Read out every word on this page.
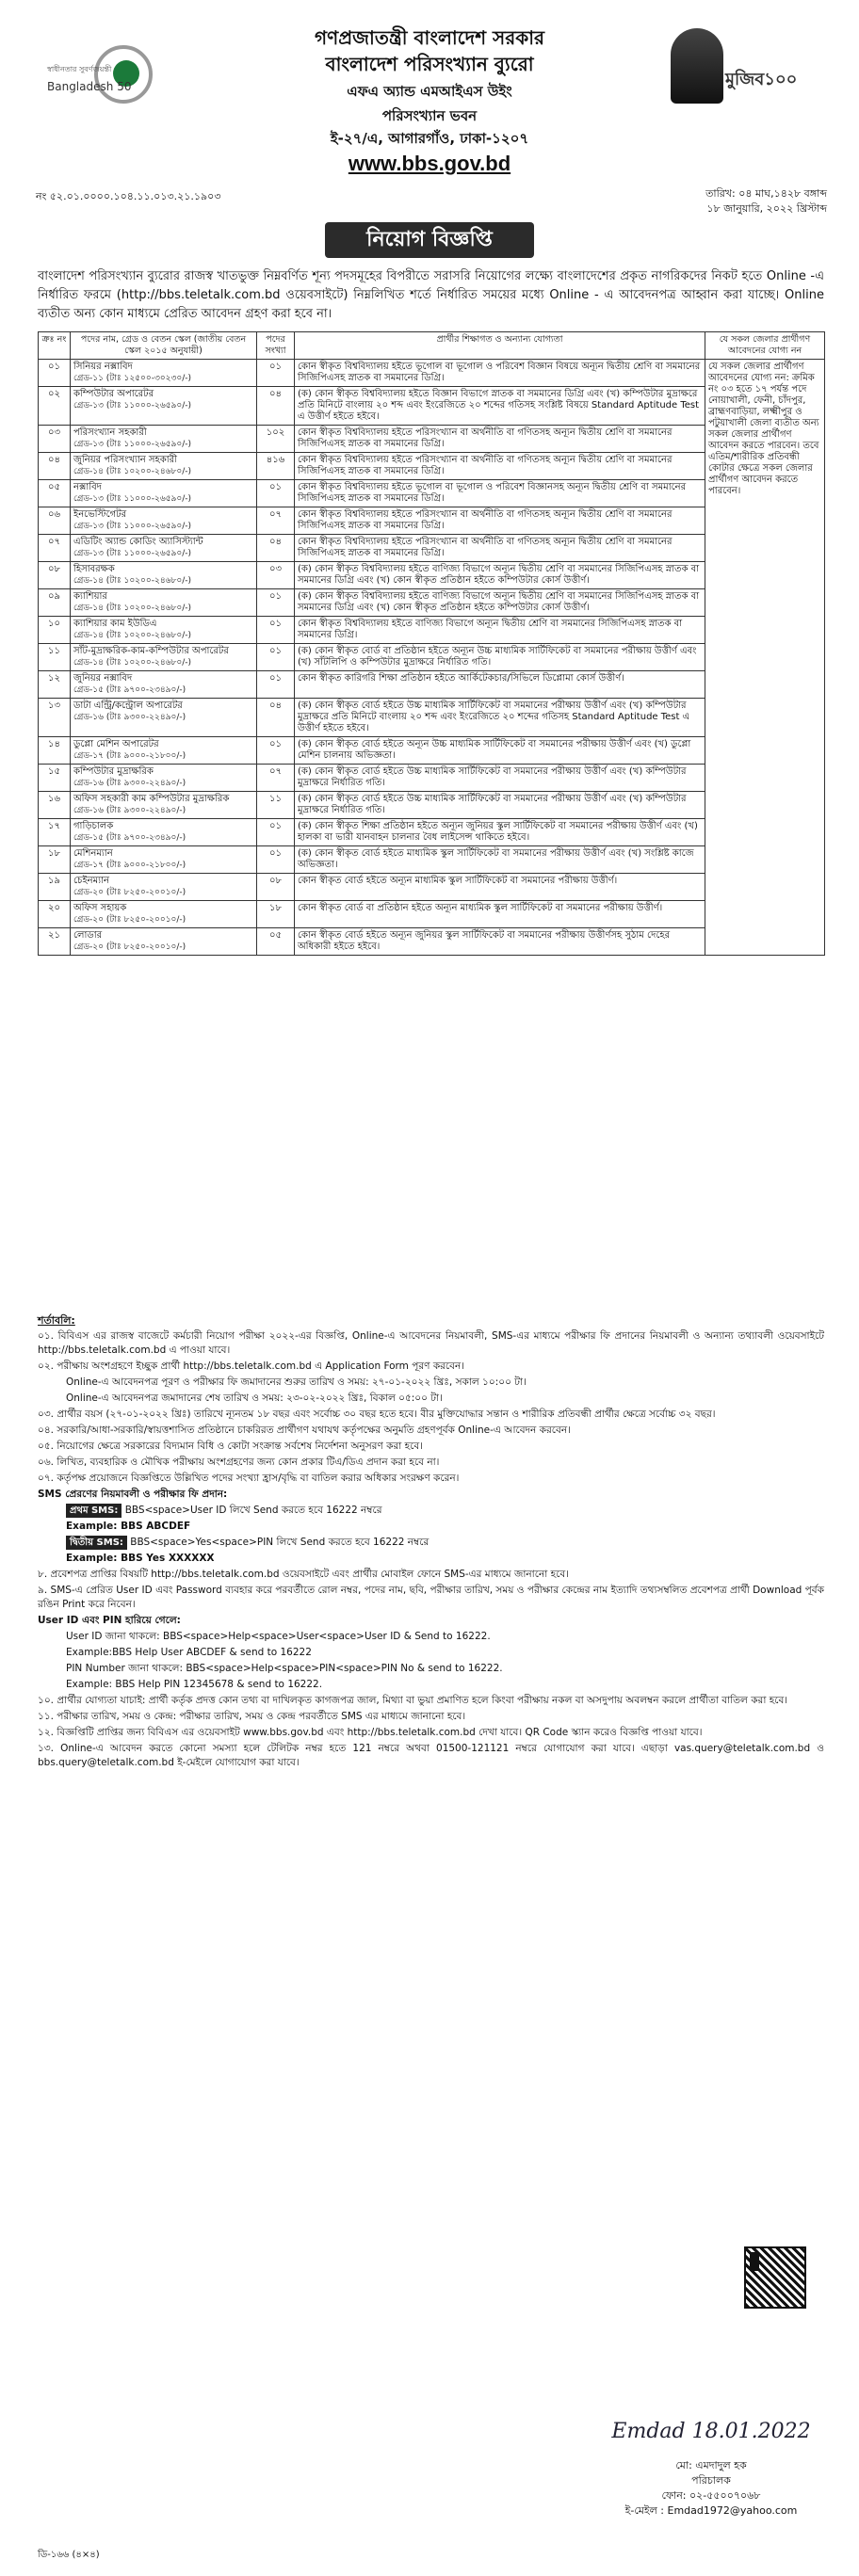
স্বাধীনতার সুবর্ণজয়ন্তী
Bangladesh 50
গণপ্রজাতন্ত্রী বাংলাদেশ সরকার
বাংলাদেশ পরিসংখ্যান ব্যুরো
এফএ অ্যান্ড এমআইএস উইং
পরিসংখ্যান ভবন
ই-২৭/এ, আগারগাঁও, ঢাকা-১২০৭
www.bbs.gov.bd
মুজিব১০০
নং ৫২.০১.০০০০.১০৪.১১.০১৩.২১.১৯০৩	তারিখ: ০৪ মাঘ,১৪২৮ বঙ্গাব্দ
১৮ জানুয়ারি, ২০২২ খ্রিস্টাব্দ
নিয়োগ বিজ্ঞপ্তি
বাংলাদেশ পরিসংখ্যান ব্যুরোর রাজস্ব খাতভুক্ত নিম্নবর্ণিত শূন্য পদসমূহের বিপরীতে সরাসরি নিয়োগের লক্ষ্যে বাংলাদেশের প্রকৃত নাগরিকদের নিকট হতে Online -এ নির্ধারিত ফরমে (http://bbs.teletalk.com.bd ওয়েবসাইটে) নিম্নলিখিত শর্তে নির্ধারিত সময়ের মধ্যে Online - এ আবেদনপত্র আহ্বান করা যাচ্ছে। Online ব্যতীত অন্য কোন মাধ্যমে প্রেরিত আবেদন গ্রহণ করা হবে না।
ক্রঃ নং	পদের নাম, গ্রেড ও বেতন স্কেল (জাতীয় বেতন স্কেল ২০১৫ অনুযায়ী)	পদের সংখ্যা	প্রার্থীর শিক্ষাগত ও অন্যান্য যোগ্যতা	যে সকল জেলার প্রার্থীগণ আবেদনের যোগ্য নন
০১	সিনিয়র নক্সাবিদ
গ্রেড-১১ (টাঃ ১২৫০০-৩০২৩০/-)	০১	কোন স্বীকৃত বিশ্ববিদ্যালয় হইতে ভূগোল বা ভূগোল ও পরিবেশ বিজ্ঞান বিষয়ে অন্যূন দ্বিতীয় শ্রেণি বা সমমানের সিজিপিএসহ স্নাতক বা সমমানের ডিগ্রি।	যে সকল জেলার প্রার্থীগণ আবেদনের যোগ্য নন: ক্রমিক নং ০৩ হতে ১৭ পর্যন্ত পদে নোয়াখালী, ফেনী, চাঁদপুর, ব্রাহ্মণবাড়িয়া, লক্ষ্মীপুর ও পটুয়াখালী জেলা ব্যতীত অন্য সকল জেলার প্রার্থীগণ আবেদন করতে পারবেন। তবে এতিম/শারীরিক প্রতিবন্ধী কোটার ক্ষেত্রে সকল জেলার প্রার্থীগণ আবেদন করতে পারবেন।
০২	কম্পিউটার অপারেটর
গ্রেড-১৩ (টাঃ ১১০০০-২৬৫৯০/-)	০৪	(ক) কোন স্বীকৃত বিশ্ববিদ্যালয় হইতে বিজ্ঞান বিভাগে স্নাতক বা সমমানের ডিগ্রি এবং (খ) কম্পিউটার মুদ্রাক্ষরে প্রতি মিনিটে বাংলায় ২০ শব্দ এবং ইংরেজিতে ২০ শব্দের গতিসহ সংশ্লিষ্ট বিষয়ে Standard Aptitude Test এ উত্তীর্ণ হইতে হইবে।	
০৩	পরিসংখ্যান সহকারী
গ্রেড-১৩ (টাঃ ১১০০০-২৬৫৯০/-)	১০২	কোন স্বীকৃত বিশ্ববিদ্যালয় হইতে পরিসংখ্যান বা অর্থনীতি বা গণিতসহ অন্যূন দ্বিতীয় শ্রেণি বা সমমানের সিজিপিএসহ স্নাতক বা সমমানের ডিগ্রি।	
০৪	জুনিয়র পরিসংখ্যান সহকারী
গ্রেড-১৪ (টাঃ ১০২০০-২৪৬৮০/-)	৪১৬	কোন স্বীকৃত বিশ্ববিদ্যালয় হইতে পরিসংখ্যান বা অর্থনীতি বা গণিতসহ অন্যূন দ্বিতীয় শ্রেণি বা সমমানের সিজিপিএসহ স্নাতক বা সমমানের ডিগ্রি।	
০৫	নক্সাবিদ
গ্রেড-১৩ (টাঃ ১১০০০-২৬৫৯০/-)	০১	কোন স্বীকৃত বিশ্ববিদ্যালয় হইতে ভূগোল বা ভূগোল ও পরিবেশ বিজ্ঞানসহ অন্যূন দ্বিতীয় শ্রেণি বা সমমানের সিজিপিএসহ স্নাতক বা সমমানের ডিগ্রি।	
০৬	ইনভেস্টিগেটর
গ্রেড-১৩ (টাঃ ১১০০০-২৬৫৯০/-)	০৭	কোন স্বীকৃত বিশ্ববিদ্যালয় হইতে পরিসংখ্যান বা অর্থনীতি বা গণিতসহ অন্যূন দ্বিতীয় শ্রেণি বা সমমানের সিজিপিএসহ স্নাতক বা সমমানের ডিগ্রি।	
০৭	এডিটিং অ্যান্ড কোডিং অ্যাসিস্ট্যান্ট
গ্রেড-১৩ (টাঃ ১১০০০-২৬৫৯০/-)	০৪	কোন স্বীকৃত বিশ্ববিদ্যালয় হইতে পরিসংখ্যান বা অর্থনীতি বা গণিতসহ অন্যূন দ্বিতীয় শ্রেণি বা সমমানের সিজিপিএসহ স্নাতক বা সমমানের ডিগ্রি।	
০৮	হিসাবরক্ষক
গ্রেড-১৪ (টাঃ ১০২০০-২৪৬৮০/-)	০৩	(ক) কোন স্বীকৃত বিশ্ববিদ্যালয় হইতে বাণিজ্য বিভাগে অন্যূন দ্বিতীয় শ্রেণি বা সমমানের সিজিপিএসহ স্নাতক বা সমমানের ডিগ্রি এবং (খ) কোন স্বীকৃত প্রতিষ্ঠান হইতে কম্পিউটার কোর্স উত্তীর্ণ।	
০৯	ক্যাশিয়ার
গ্রেড-১৪ (টাঃ ১০২০০-২৪৬৮০/-)	০১	(ক) কোন স্বীকৃত বিশ্ববিদ্যালয় হইতে বাণিজ্য বিভাগে অন্যূন দ্বিতীয় শ্রেণি বা সমমানের সিজিপিএসহ স্নাতক বা সমমানের ডিগ্রি এবং (খ) কোন স্বীকৃত প্রতিষ্ঠান হইতে কম্পিউটার কোর্স উত্তীর্ণ।	
১০	ক্যাশিয়ার কাম ইউডিএ
গ্রেড-১৪ (টাঃ ১০২০০-২৪৬৮০/-)	০১	কোন স্বীকৃত বিশ্ববিদ্যালয় হইতে বাণিজ্য বিভাগে অন্যূন দ্বিতীয় শ্রেণি বা সমমানের সিজিপিএসহ স্নাতক বা সমমানের ডিগ্রি।	
১১	সাঁট-মুদ্রাক্ষরিক-কাম-কম্পিউটার অপারেটর
গ্রেড-১৪ (টাঃ ১০২০০-২৪৬৮০/-)	০১	(ক) কোন স্বীকৃত বোর্ড বা প্রতিষ্ঠান হইতে অন্যূন উচ্চ মাধ্যমিক সার্টিফিকেট বা সমমানের পরীক্ষায় উত্তীর্ণ এবং (খ) সাঁটলিপি ও কম্পিউটার মুদ্রাক্ষরে নির্ধারিত গতি।	
১২	জুনিয়র নক্সাবিদ
গ্রেড-১৫ (টাঃ ৯৭০০-২৩৪৯০/-)	০১	কোন স্বীকৃত কারিগরি শিক্ষা প্রতিষ্ঠান হইতে আর্কিটেকচার/সিভিলে ডিপ্লোমা কোর্স উত্তীর্ণ।	
১৩	ডাটা এন্ট্রি/কন্ট্রোল অপারেটর
গ্রেড-১৬ (টাঃ ৯৩০০-২২৪৯০/-)	০৪	(ক) কোন স্বীকৃত বোর্ড হইতে উচ্চ মাধ্যমিক সার্টিফিকেট বা সমমানের পরীক্ষায় উত্তীর্ণ এবং (খ) কম্পিউটার মুদ্রাক্ষরে প্রতি মিনিটে বাংলায় ২০ শব্দ এবং ইংরেজিতে ২০ শব্দের গতিসহ Standard Aptitude Test এ উত্তীর্ণ হইতে হইবে।	
১৪	ডুপ্লো মেশিন অপারেটর
গ্রেড-১৭ (টাঃ ৯০০০-২১৮০০/-)	০১	(ক) কোন স্বীকৃত বোর্ড হইতে অন্যূন উচ্চ মাধ্যমিক সার্টিফিকেট বা সমমানের পরীক্ষায় উত্তীর্ণ এবং (খ) ডুপ্লো মেশিন চালনায় অভিজ্ঞতা।	
১৫	কম্পিউটার মুদ্রাক্ষরিক
গ্রেড-১৬ (টাঃ ৯৩০০-২২৪৯০/-)	০৭	(ক) কোন স্বীকৃত বোর্ড হইতে উচ্চ মাধ্যমিক সার্টিফিকেট বা সমমানের পরীক্ষায় উত্তীর্ণ এবং (খ) কম্পিউটার মুদ্রাক্ষরে নির্ধারিত গতি।	
১৬	অফিস সহকারী কাম কম্পিউটার মুদ্রাক্ষরিক
গ্রেড-১৬ (টাঃ ৯৩০০-২২৪৯০/-)	১১	(ক) কোন স্বীকৃত বোর্ড হইতে উচ্চ মাধ্যমিক সার্টিফিকেট বা সমমানের পরীক্ষায় উত্তীর্ণ এবং (খ) কম্পিউটার মুদ্রাক্ষরে নির্ধারিত গতি।	
১৭	গাড়িচালক
গ্রেড-১৫ (টাঃ ৯৭০০-২৩৪৯০/-)	০১	(ক) কোন স্বীকৃত শিক্ষা প্রতিষ্ঠান হইতে অন্যূন জুনিয়র স্কুল সার্টিফিকেট বা সমমানের পরীক্ষায় উত্তীর্ণ এবং (খ) হালকা বা ভারী যানবাহন চালনার বৈধ লাইসেন্স থাকিতে হইবে।	
১৮	মেশিনম্যান
গ্রেড-১৭ (টাঃ ৯০০০-২১৮০০/-)	০১	(ক) কোন স্বীকৃত বোর্ড হইতে মাধ্যমিক স্কুল সার্টিফিকেট বা সমমানের পরীক্ষায় উত্তীর্ণ এবং (খ) সংশ্লিষ্ট কাজে অভিজ্ঞতা।	
১৯	চেইনম্যান
গ্রেড-২০ (টাঃ ৮২৫০-২০০১০/-)	০৮	কোন স্বীকৃত বোর্ড হইতে অন্যূন মাধ্যমিক স্কুল সার্টিফিকেট বা সমমানের পরীক্ষায় উত্তীর্ণ।	
২০	অফিস সহায়ক
গ্রেড-২০ (টাঃ ৮২৫০-২০০১০/-)	১৮	কোন স্বীকৃত বোর্ড বা প্রতিষ্ঠান হইতে অন্যূন মাধ্যমিক স্কুল সার্টিফিকেট বা সমমানের পরীক্ষায় উত্তীর্ণ।	
২১	লোডার
গ্রেড-২০ (টাঃ ৮২৫০-২০০১০/-)	০৫	কোন স্বীকৃত বোর্ড হইতে অন্যূন জুনিয়র স্কুল সার্টিফিকেট বা সমমানের পরীক্ষায় উত্তীর্ণসহ সুঠাম দেহের অধিকারী হইতে হইবে।	
শর্তাবলি:

০১. বিবিএস এর রাজস্ব বাজেটে কর্মচারী নিয়োগ পরীক্ষা ২০২২-এর বিজ্ঞপ্তি, Online-এ আবেদনের নিয়মাবলী, SMS-এর মাধ্যমে পরীক্ষার ফি প্রদানের নিয়মাবলী ও অন্যান্য তথ্যাবলী ওয়েবসাইটে http://bbs.teletalk.com.bd এ পাওয়া যাবে।

০২. পরীক্ষায় অংশগ্রহণে ইচ্ছুক প্রার্থী http://bbs.teletalk.com.bd এ Application Form পূরণ করবেন।

Online-এ আবেদনপত্র পূরণ ও পরীক্ষার ফি জমাদানের শুরুর তারিখ ও সময়: ২৭-০১-২০২২ খ্রিঃ, সকাল ১০:০০ টা।

Online-এ আবেদনপত্র জমাদানের শেষ তারিখ ও সময়: ২৩-০২-২০২২ খ্রিঃ, বিকাল ০৫:০০ টা।

০৩. প্রার্থীর বয়স (২৭-০১-২০২২ খ্রিঃ) তারিখে ন্যূনতম ১৮ বছর এবং সর্বোচ্চ ৩০ বছর হতে হবে। বীর মুক্তিযোদ্ধার সন্তান ও শারীরিক প্রতিবন্ধী প্রার্থীর ক্ষেত্রে সর্বোচ্চ ৩২ বছর।

০৪. সরকারি/আধা-সরকারি/স্বায়ত্তশাসিত প্রতিষ্ঠানে চাকরিরত প্রার্থীগণ যথাযথ কর্তৃপক্ষের অনুমতি গ্রহণপূর্বক Online-এ আবেদন করবেন।

০৫. নিয়োগের ক্ষেত্রে সরকারের বিদ্যমান বিধি ও কোটা সংক্রান্ত সর্বশেষ নির্দেশনা অনুসরণ করা হবে।

০৬. লিখিত, ব্যবহারিক ও মৌখিক পরীক্ষায় অংশগ্রহণের জন্য কোন প্রকার টিএ/ডিএ প্রদান করা হবে না।

০৭. কর্তৃপক্ষ প্রয়োজনে বিজ্ঞপ্তিতে উল্লিখিত পদের সংখ্যা হ্রাস/বৃদ্ধি বা বাতিল করার অধিকার সংরক্ষণ করেন।

SMS প্রেরণের নিয়মাবলী ও পরীক্ষার ফি প্রদান:

প্রথম SMS: BBS<space>User ID লিখে Send করতে হবে 16222 নম্বরে

Example: BBS ABCDEF

দ্বিতীয় SMS: BBS<space>Yes<space>PIN লিখে Send করতে হবে 16222 নম্বরে

Example: BBS Yes XXXXXX

৮. প্রবেশপত্র প্রাপ্তির বিষয়টি http://bbs.teletalk.com.bd ওয়েবসাইটে এবং প্রার্থীর মোবাইল ফোনে SMS-এর মাধ্যমে জানানো হবে।

৯. SMS-এ প্রেরিত User ID এবং Password ব্যবহার করে পরবর্তীতে রোল নম্বর, পদের নাম, ছবি, পরীক্ষার তারিখ, সময় ও পরীক্ষার কেন্দ্রের নাম ইত্যাদি তথ্যসম্বলিত প্রবেশপত্র প্রার্থী Download পূর্বক রঙিন Print করে নিবেন।

User ID এবং PIN হারিয়ে গেলে:

User ID জানা থাকলে: BBS<space>Help<space>User<space>User ID & Send to 16222.

Example:BBS Help User ABCDEF & send to 16222

PIN Number জানা থাকলে: BBS<space>Help<space>PIN<space>PIN No & send to 16222.

Example: BBS Help PIN 12345678 & send to 16222.

১০. প্রার্থীর যোগ্যতা যাচাই: প্রার্থী কর্তৃক প্রদত্ত কোন তথ্য বা দাখিলকৃত কাগজপত্র জাল, মিথ্যা বা ভুয়া প্রমাণিত হলে কিংবা পরীক্ষায় নকল বা অসদুপায় অবলম্বন করলে প্রার্থীতা বাতিল করা হবে।

১১. পরীক্ষার তারিখ, সময় ও কেন্দ্র: পরীক্ষার তারিখ, সময় ও কেন্দ্র পরবর্তীতে SMS এর মাধ্যমে জানানো হবে।

১২. বিজ্ঞপ্তিটি প্রাপ্তির জন্য বিবিএস এর ওয়েবসাইট www.bbs.gov.bd এবং http://bbs.teletalk.com.bd দেখা যাবে। QR Code স্ক্যান করেও বিজ্ঞপ্তি পাওয়া যাবে।

১৩. Online-এ আবেদন করতে কোনো সমস্যা হলে টেলিটক নম্বর হতে 121 নম্বরে অথবা 01500-121121 নম্বরে যোগাযোগ করা যাবে। এছাড়া vas.query@teletalk.com.bd ও bbs.query@teletalk.com.bd ই-মেইলে যোগাযোগ করা যাবে।

Emdad 18.01.2022
মো: এমদাদুল হক
পরিচালক
ফোন: ০২-৫৫০০৭০৬৮
ই-মেইল : Emdad1972@yahoo.com
ডি-১৬৬ (৪×৪)
